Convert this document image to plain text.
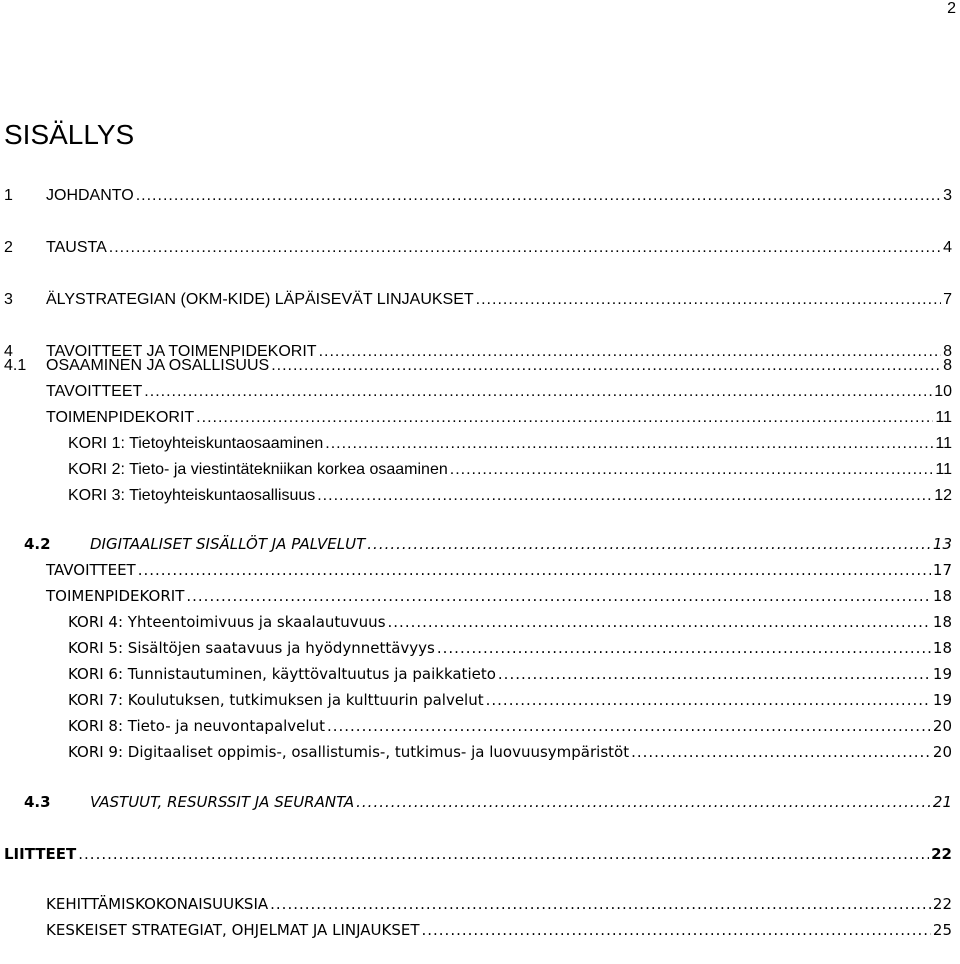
2
SISÄLLYS
1 JOHDANTO .....	3
2 TAUSTA .....	4
3 ÄLYSTRATEGIAN (OKM-KIDE) LÄPÄISEVÄT LINJAUKSET .....	7
4 TAVOITTEET JA TOIMENPIDEKORIT .....	8
4.1 OSAAMINEN JA OSALLISUUS .....	8
TAVOITTEET .....	10
TOIMENPIDEKORIT .....	11
KORI 1: Tietoyhteiskuntaosaaminen .....	11
KORI 2: Tieto- ja viestintätekniikan korkea osaaminen .....	11
KORI 3: Tietoyhteiskuntaosallisuus .....	12
4.2	DIGITAALISET SISÄLLÖT JA PALVELUT .....	13
TAVOITTEET .....	17
TOIMENPIDEKORIT .....	18
KORI 4: Yhteentoimivuus ja skaalautuvuus .....	18
KORI 5: Sisältöjen saatavuus ja hyödynnettävyys .....	18
KORI 6: Tunnistautuminen, käyttövaltuutus ja paikkatieto .....	19
KORI 7: Koulutuksen, tutkimuksen ja kulttuurin palvelut .....	19
KORI 8: Tieto- ja neuvontapalvelut .....	20
KORI 9: Digitaaliset oppimis-, osallistumis-, tutkimus- ja luovuusympäristöt .....	20
4.3	VASTUUT, RESURSSIT JA SEURANTA .....	21
LIITTEET .....	22
KEHITTÄMISKOKONAISUUKSIA .....	22
KESKEISET STRATEGIAT, OHJELMAT JA LINJAUKSET .....	25
